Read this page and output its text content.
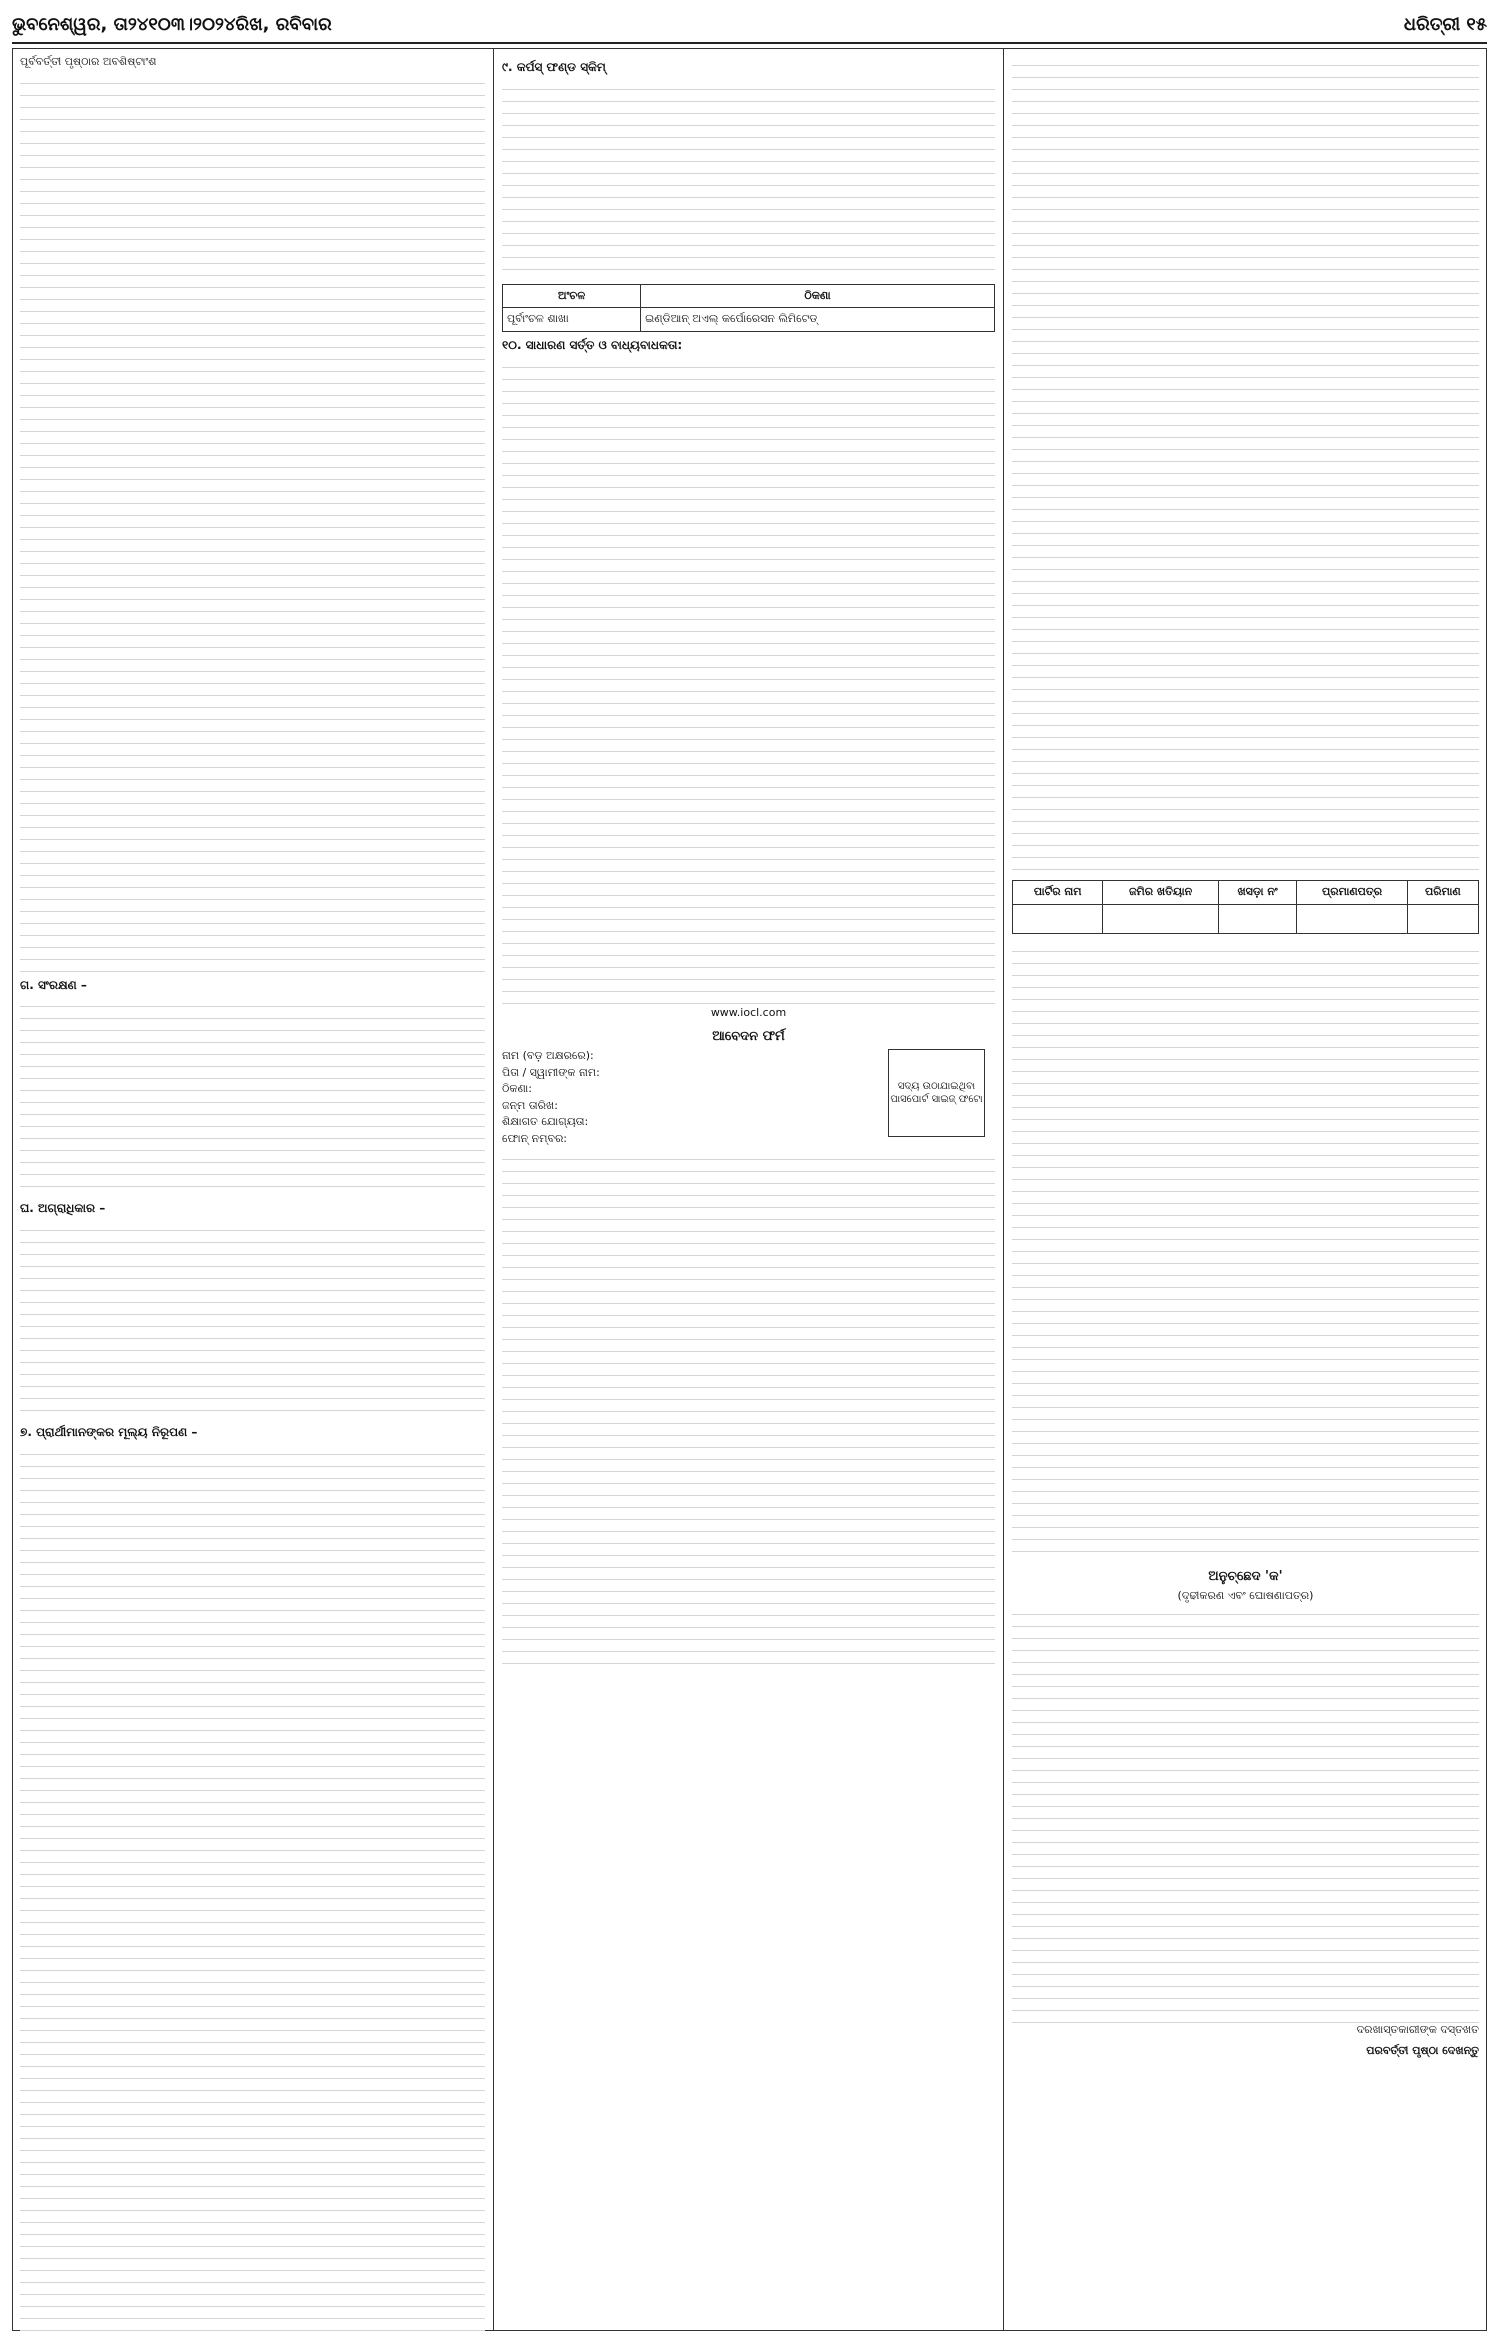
ଭୁବନେଶ୍ୱର, ତା୨୪୧୦୩।୨୦୨୪ରିଖ, ରବିବାର	ଧରିତ୍ରୀ ୧୫
ପୂର୍ବବର୍ତ୍ତୀ ପୃଷ୍ଠାର ଅବଶିଷ୍ଟାଂଶ
ଗ. ସଂରକ୍ଷଣ –
ଘ. ଅଗ୍ରାଧିକାର –
୭. ପ୍ରାର୍ଥୀମାନଙ୍କର ମୂଲ୍ୟ ନିରୂପଣ –
୯. କର୍ପସ୍ ଫଣ୍ଡ ସ୍କିମ୍
ଅଂଚଳ	ଠିକଣା
ପୂର୍ବାଂଚଳ ଶାଖା	ଇଣ୍ଡିଆନ୍ ଅଏଲ୍ କର୍ପୋରେସନ ଲିମିଟେଡ୍
୧୦. ସାଧାରଣ ସର୍ତ୍ତ ଓ ବାଧ୍ୟବାଧକତା:
www.iocl.com
ଆବେଦନ ଫର୍ମ
ସଦ୍ୟ ଉଠାଯାଇଥିବା ପାସପୋର୍ଟ ସାଇଜ୍ ଫଟୋ
ନାମ (ବଡ଼ ଅକ୍ଷରରେ):
ପିତା / ସ୍ୱାମୀଙ୍କ ନାମ:
ଠିକଣା:
ଜନ୍ମ ତାରିଖ:
ଶିକ୍ଷାଗତ ଯୋଗ୍ୟତା:
ଫୋନ୍ ନମ୍ବର:
ପାର୍ଟିର ନାମ	ଜମିର ଖତିୟାନ	ଖସଡ଼ା ନଂ	ପ୍ରମାଣପତ୍ର	ପରିମାଣ

ଅନୁଚ୍ଛେଦ 'କ'
(ଦୃଢୀକରଣ ଏବଂ ଘୋଷଣାପତ୍ର)
ଦରଖାସ୍ତକାରୀଙ୍କ ଦସ୍ତଖତ
ପରବର୍ତ୍ତୀ ପୃଷ୍ଠା ଦେଖନ୍ତୁ
